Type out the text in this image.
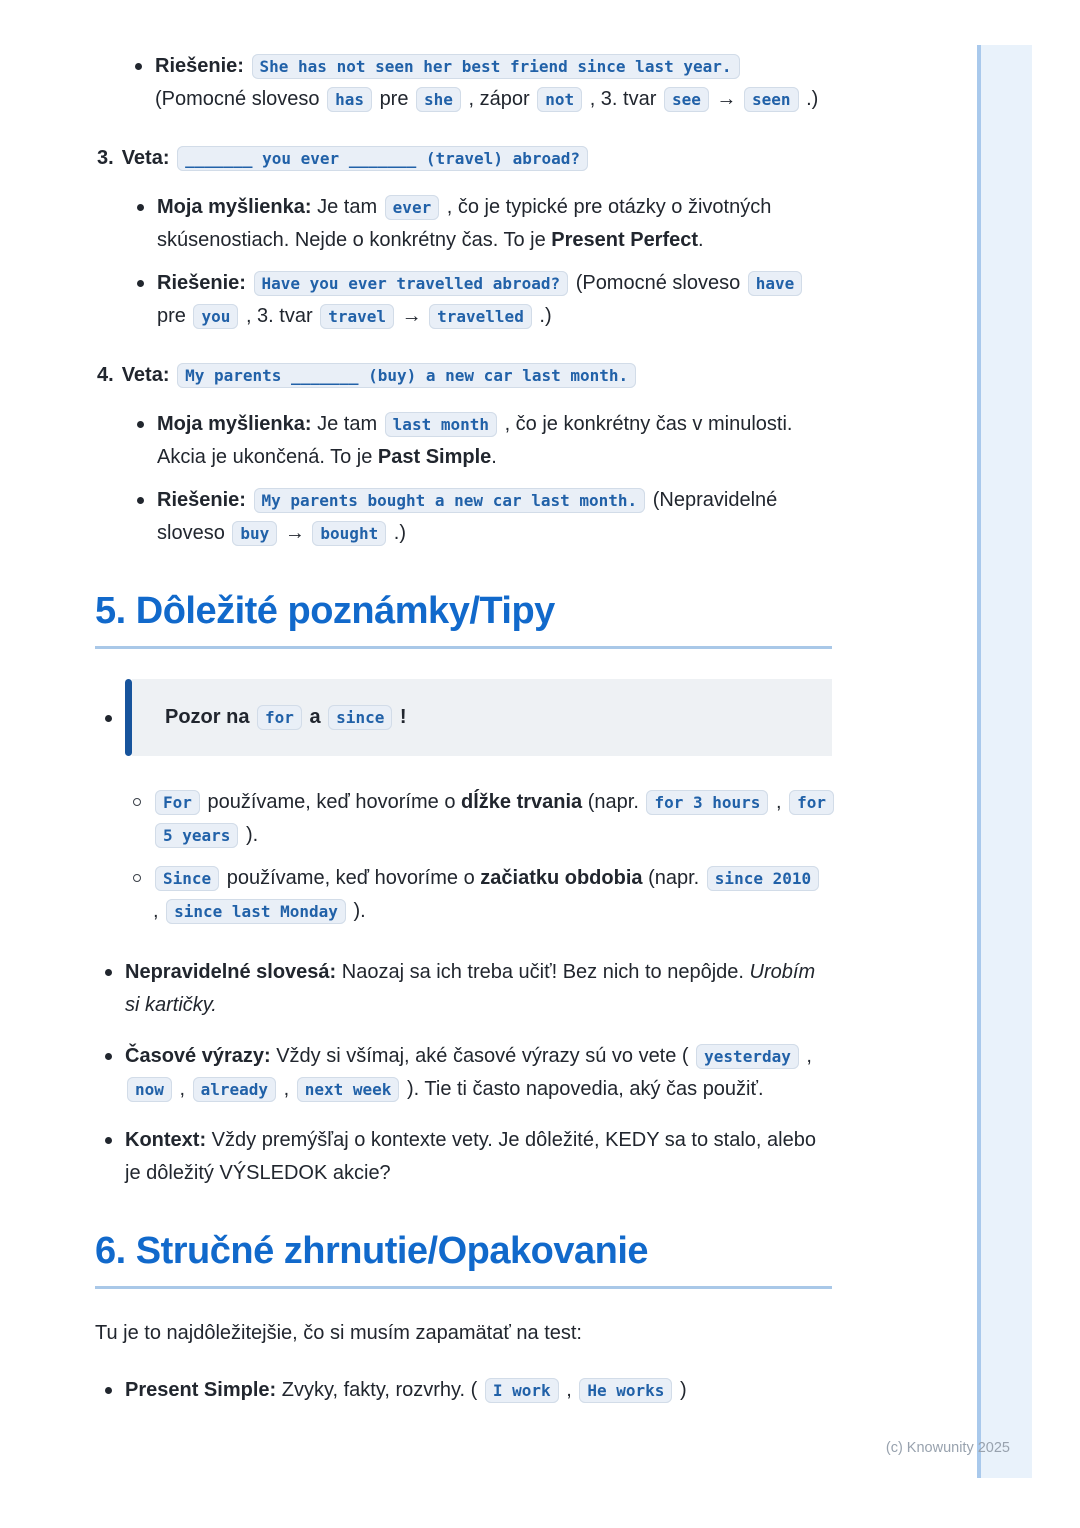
Riešenie: She has not seen her best friend since last year. (Pomocné sloveso has pre she , zápor not , 3. tvar see → seen .)
3. Veta: _______ you ever _______ (travel) abroad?
Moja myšlienka: Je tam ever , čo je typické pre otázky o životných skúsenostiach. Nejde o konkrétny čas. To je Present Perfect.
Riešenie: Have you ever travelled abroad? (Pomocné sloveso have pre you , 3. tvar travel → travelled .)
4. Veta: My parents _______ (buy) a new car last month.
Moja myšlienka: Je tam last month , čo je konkrétny čas v minulosti. Akcia je ukončená. To je Past Simple.
Riešenie: My parents bought a new car last month. (Nepravidelné sloveso buy → bought .)
5. Dôležité poznámky/Tipy
Pozor na for a since !
For používame, keď hovoríme o dĺžke trvania (napr. for 3 hours , for 5 years ).
Since používame, keď hovoríme o začiatku obdobia (napr. since 2010 , since last Monday ).
Nepravidelné slovesá: Naozaj sa ich treba učiť! Bez nich to nepôjde. Urobím si kartičky.
Časové výrazy: Vždy si všímaj, aké časové výrazy sú vo vete ( yesterday , now , already , next week ). Tie ti často napovedia, aký čas použiť.
Kontext: Vždy premýšľaj o kontexte vety. Je dôležité, KEDY sa to stalo, alebo je dôležitý VÝSLEDOK akcie?
6. Stručné zhrnutie/Opakovanie

Tu je to najdôležitejšie, čo si musím zapamätať na test:

Present Simple: Zvyky, fakty, rozvrhy. ( I work , He works )
(c) Knowunity 2025
